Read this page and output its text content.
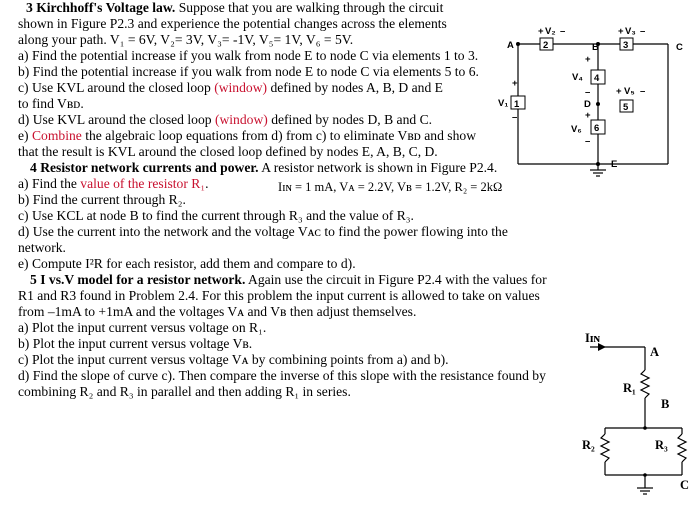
3 Kirchhoff's Voltage law. Suppose that you are walking through the circuit
shown in Figure P2.3 and experience the potential changes across the elements
along your path. V₁ = 6V, V₂= 3V, V₃= -1V, V₅= 1V, V₆ = 5V.
a) Find the potential increase if you walk from node E to node C via elements 1 to 3.
b) Find the potential increase if you walk from node E to node C via elements 5 to 6.
c) Use KVL around the closed loop (window) defined by nodes A, B, D and E
to find Vʙᴅ.
d) Use KVL around the closed loop (window) defined by nodes D, B and C.
e) Combine the algebraic loop equations from d) from c) to eliminate Vʙᴅ and show
that the result is KVL around the closed loop defined by nodes E, A, B, C, D.
4 Resistor network currents and power. A resistor network is shown in Figure P2.4.
a) Find the value of the resistor R₁.	Iɪɴ = 1 mA, Vᴀ = 2.2V, Vʙ = 1.2V, R₂ = 2kΩ
b) Find the current through R₂.
c) Use KCL at node B to find the current through R₃ and the value of R₃.
d) Use the current into the network and the voltage Vᴀᴄ to find the power flowing into the
network.
e) Compute I²R for each resistor, add them and compare to d).
5 I vs.V model for a resistor network. Again use the circuit in Figure P2.4 with the values for
R1 and R3 found in Problem 2.4. For this problem the input current is allowed to take on values
from –1mA to +1mA and the voltages Vᴀ and Vʙ then adjust themselves.
a) Plot the input current versus voltage on R₁.
b) Plot the input current versus voltage Vʙ.
c) Plot the input current versus voltage Vᴀ by combining points from a) and b).
d) Find the slope of curve c). Then compare the inverse of this slope with the resistance found by
combining R₂ and R₃ in parallel and then adding R₁ in series.
2	3
1
4
5
6
A	B	C
D
E
+ V₂ –	+ V₃ –
+
V₁
–
+
V₄
–	+ V₅ –
+
V₆
–
Iɪɴ
A
R₁
B
R₂	R₃
C
